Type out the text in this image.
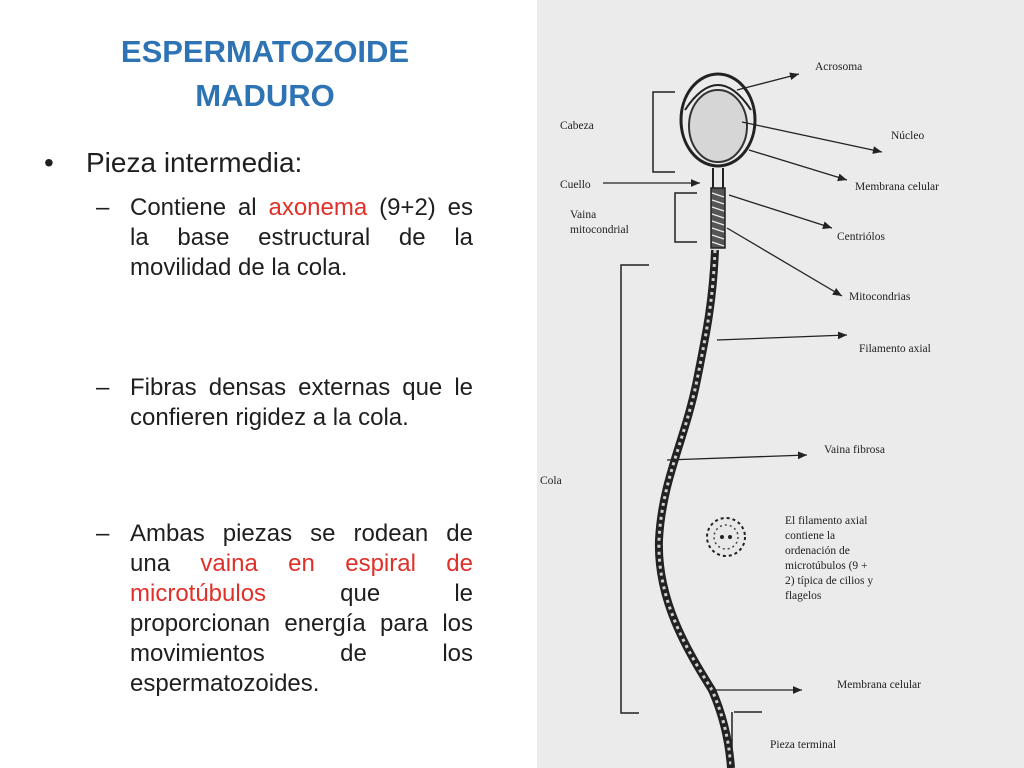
ESPERMATOZOIDE
MADURO
• Pieza intermedia:
– Contiene al axonema (9+2) es la base estructural de la movilidad de la cola.
– Fibras densas externas que le confieren rigidez a la cola.
– Ambas piezas se rodean de una vaina en espiral de microtúbulos que le proporcionan energía para los movimientos de los espermatozoides.
Cabeza
Cuello
Vaina
mitocondrial
Cola
Acrosoma
Núcleo
Membrana celular
Centriólos
Mitocondrias
Filamento axial
Vaina fibrosa
El filamento axial
contiene la
ordenación de
microtúbulos (9 +
2) típica de cilios y
flagelos
Membrana celular
Pieza terminal
